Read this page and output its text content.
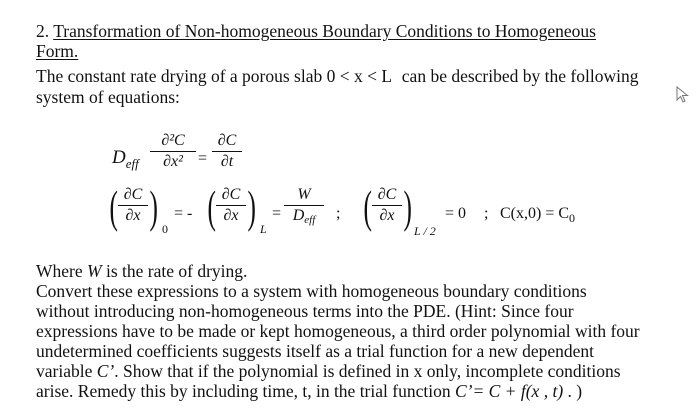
2. Transformation of Non-homogeneous Boundary Conditions to Homogeneous
Form.
The constant rate drying of a porous slab 0 < x < L can be described by the following
system of equations:
$D_{eff}$
∂²C
∂x² =
∂C
∂t
( ∂C
∂x ) 0
= - ( ∂C
∂x ) L
=
W
Deff	; ( ∂C
∂x ) L / 2
= 0 ; $C(x,0) = C_0$
Where W is the rate of drying.
Convert these expressions to a system with homogeneous boundary conditions
without introducing non-homogeneous terms into the PDE. (Hint: Since four
expressions have to be made or kept homogeneous, a third order polynomial with four
undetermined coefficients suggests itself as a trial function for a new dependent
variable C’. Show that if the polynomial is defined in x only, incomplete conditions
arise. Remedy this by including time, t, in the trial function C’= C + f(x , t) . )
